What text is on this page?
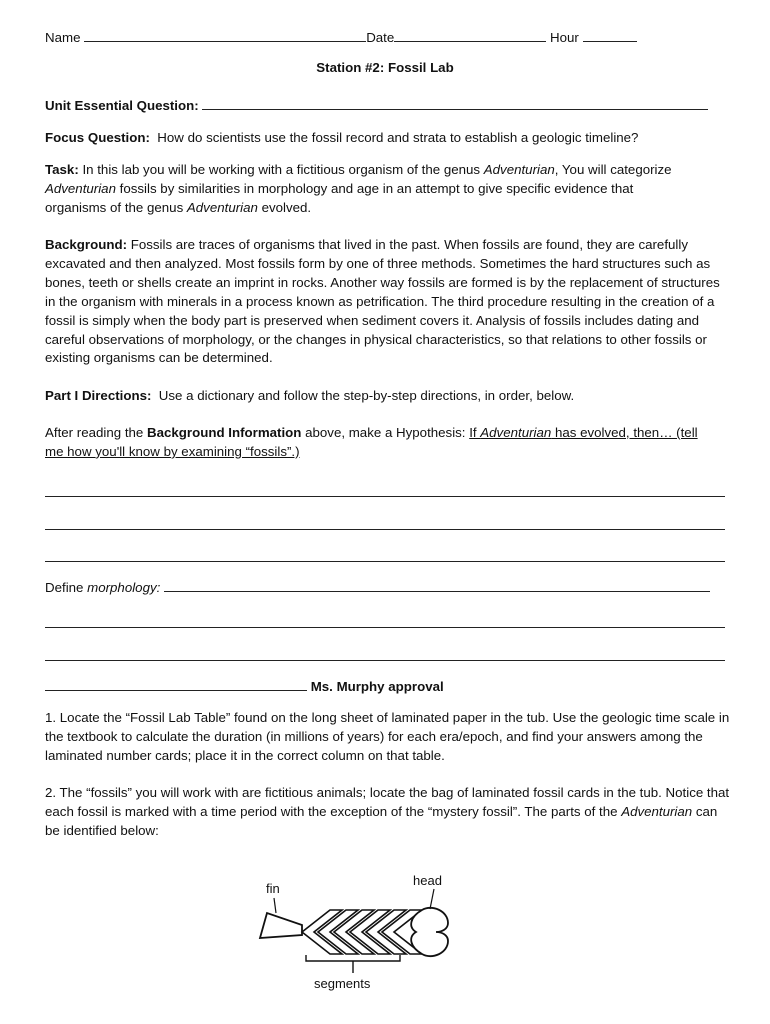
Name	Date	Hour
Station #2: Fossil Lab
Unit Essential Question:
Focus Question: How do scientists use the fossil record and strata to establish a geologic timeline?
Task: In this lab you will be working with a fictitious organism of the genus Adventurian, You will categorize
Adventurian fossils by similarities in morphology and age in an attempt to give specific evidence that
organisms of the genus Adventurian evolved.
Background: Fossils are traces of organisms that lived in the past. When fossils are found, they are carefully excavated and then analyzed. Most fossils form by one of three methods. Sometimes the hard structures such as bones, teeth or shells create an imprint in rocks. Another way fossils are formed is by the replacement of structures in the organism with minerals in a process known as petrification. The third procedure resulting in the creation of a fossil is simply when the body part is preserved when sediment covers it. Analysis of fossils includes dating and careful observations of morphology, or the changes in physical characteristics, so that relations to other fossils or existing organisms can be determined.
Part I Directions: Use a dictionary and follow the step-by-step directions, in order, below.
After reading the Background Information above, make a Hypothesis: If Adventurian has evolved, then… (tell
me how you'll know by examining “fossils”.)
Define morphology:
Ms. Murphy approval
1. Locate the “Fossil Lab Table” found on the long sheet of laminated paper in the tub. Use the geologic time scale in the textbook to calculate the duration (in millions of years) for each era/epoch, and find your answers among the laminated number cards; place it in the correct column on that table.
2. The “fossils” you will work with are fictitious animals; locate the bag of laminated fossil cards in the tub. Notice that each fossil is marked with a time period with the exception of the “mystery fossil”. The parts of the Adventurian can be identified below:
fin
head
segments
